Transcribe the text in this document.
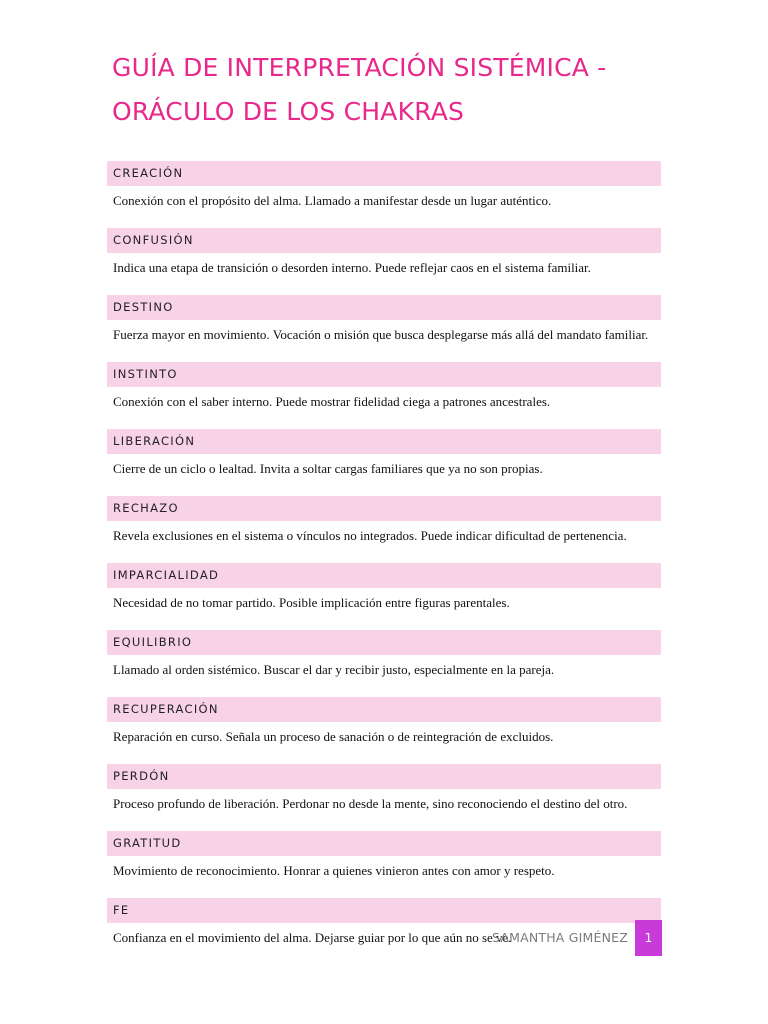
GUÍA DE INTERPRETACIÓN SISTÉMICA - ORÁCULO DE LOS CHAKRAS
CREACIÓN
Conexión con el propósito del alma. Llamado a manifestar desde un lugar auténtico.
CONFUSIÓN
Indica una etapa de transición o desorden interno. Puede reflejar caos en el sistema familiar.
DESTINO
Fuerza mayor en movimiento. Vocación o misión que busca desplegarse más allá del mandato familiar.
INSTINTO
Conexión con el saber interno. Puede mostrar fidelidad ciega a patrones ancestrales.
LIBERACIÓN
Cierre de un ciclo o lealtad. Invita a soltar cargas familiares que ya no son propias.
RECHAZO
Revela exclusiones en el sistema o vínculos no integrados. Puede indicar dificultad de pertenencia.
IMPARCIALIDAD
Necesidad de no tomar partido. Posible implicación entre figuras parentales.
EQUILIBRIO
Llamado al orden sistémico. Buscar el dar y recibir justo, especialmente en la pareja.
RECUPERACIÓN
Reparación en curso. Señala un proceso de sanación o de reintegración de excluidos.
PERDÓN
Proceso profundo de liberación. Perdonar no desde la mente, sino reconociendo el destino del otro.
GRATITUD
Movimiento de reconocimiento. Honrar a quienes vinieron antes con amor y respeto.
FE
Confianza en el movimiento del alma. Dejarse guiar por lo que aún no se ve.
SAMANTHA GIMÉNEZ	1
